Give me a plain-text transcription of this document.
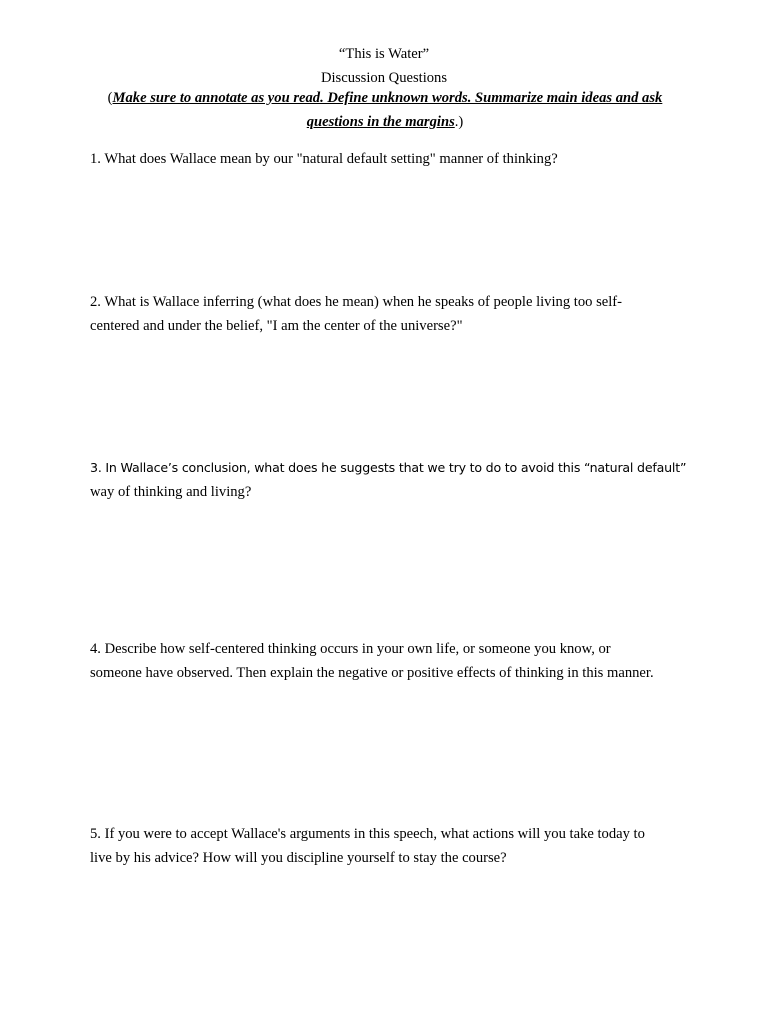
“This is Water”
Discussion Questions
(Make sure to annotate as you read. Define unknown words. Summarize main ideas and ask
questions in the margins.)
1. What does Wallace mean by our "natural default setting" manner of thinking?
2. What is Wallace inferring (what does he mean) when he speaks of people living too self-
centered and under the belief, "I am the center of the universe?"
3. In Wallace’s conclusion, what does he suggests that we try to do to avoid this “natural default”
way of thinking and living?
4. Describe how self-centered thinking occurs in your own life, or someone you know, or
someone have observed. Then explain the negative or positive effects of thinking in this manner.
5. If you were to accept Wallace's arguments in this speech, what actions will you take today to
live by his advice? How will you discipline yourself to stay the course?
